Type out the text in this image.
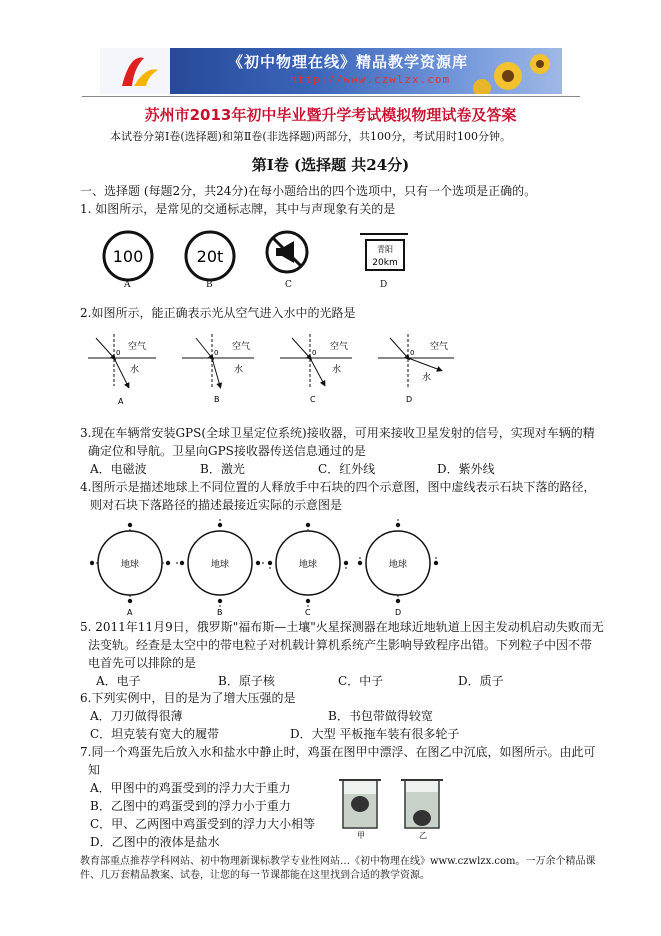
《初中物理在线》精品教学资源库
http://www.czwlzx.com
苏州市2013年初中毕业暨升学考试模拟物理试卷及答案
本试卷分第Ⅰ卷(选择题)和第Ⅱ卷(非选择题)两部分，共100分，考试用时100分钟。
第Ⅰ卷 (选择题 共24分)
一、选择题 (每题2分，共24分)在每小题给出的四个选项中，只有一个选项是正确的。
1. 如图所示，是常见的交通标志牌，其中与声现象有关的是
100	20t	青阳
20km
A	B	C	D
2.如图所示，能正确表示光从空气进入水中的光路是
0
空气
水
0
空气
水
0
空气
水
0
空气
水
A	B	C	D
3.现在车辆常安装GPS(全球卫星定位系统)接收器，可用来接收卫星发射的信号，实现对车辆的精
确定位和导航。卫星向GPS接收器传送信息通过的是
A．电磁波	B．激光	C．红外线	D．紫外线
4.图所示是描述地球上不同位置的人释放手中石块的四个示意图，图中虚线表示石块下落的路径，
则对石块下落路径的描述最接近实际的示意图是
地球
A
地球
B
地球
C
地球
D
5. 2011年11月9日，俄罗斯"福布斯—土壤"火星探测器在地球近地轨道上因主发动机启动失败而无
法变轨。经查是太空中的带电粒子对机载计算机系统产生影响导致程序出错。下列粒子中因不带
电首先可以排除的是
A．电子	B．原子核	C．中子	D．质子
6.下列实例中，目的是为了增大压强的是
A．刀刃做得很薄	B．书包带做得较宽
C．坦克装有宽大的履带	D．大型 平板拖车装有很多轮子
7.同一个鸡蛋先后放入水和盐水中静止时，鸡蛋在图甲中漂浮、在图乙中沉底，如图所示。由此可
知
A．甲图中的鸡蛋受到的浮力大于重力
B．乙图中的鸡蛋受到的浮力小于重力
C．甲、乙两图中鸡蛋受到的浮力大小相等
D．乙图中的液体是盐水	甲	乙
教育部重点推荐学科网站、初中物理新课标教学专业性网站…《初中物理在线》www.czwlzx.com。一万余个精品课件、几万套精品教案、试卷，让您的每一节课都能在这里找到合适的教学资源。
